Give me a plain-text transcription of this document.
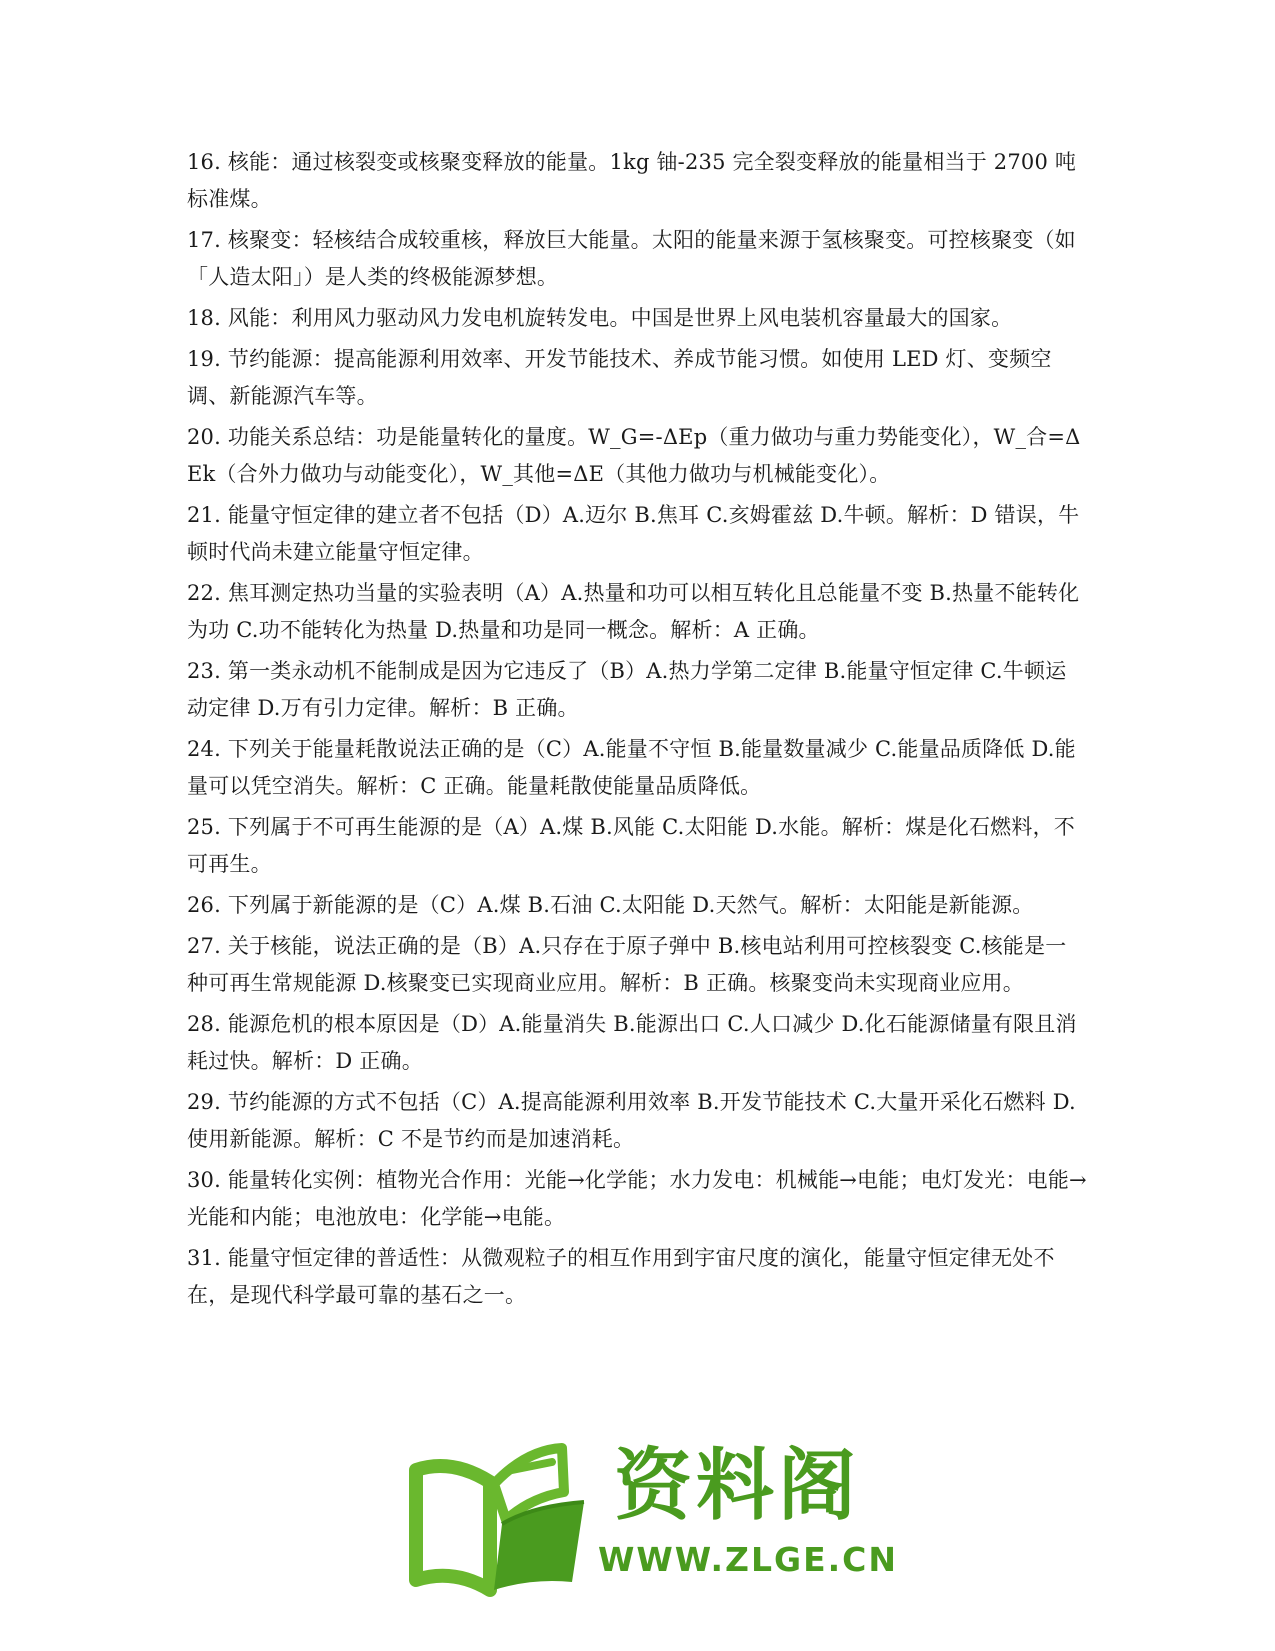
16. 核能：通过核裂变或核聚变释放的能量。1kg 铀-235 完全裂变释放的能量相当于 2700 吨标准煤。

17. 核聚变：轻核结合成较重核，释放巨大能量。太阳的能量来源于氢核聚变。可控核聚变（如「人造太阳」）是人类的终极能源梦想。

18. 风能：利用风力驱动风力发电机旋转发电。中国是世界上风电装机容量最大的国家。

19. 节约能源：提高能源利用效率、开发节能技术、养成节能习惯。如使用 LED 灯、变频空调、新能源汽车等。

20. 功能关系总结：功是能量转化的量度。W_G=-ΔEp（重力做功与重力势能变化），W_合=ΔEk（合外力做功与动能变化），W_其他=ΔE（其他力做功与机械能变化）。

21. 能量守恒定律的建立者不包括（D）A.迈尔 B.焦耳 C.亥姆霍兹 D.牛顿。解析：D 错误，牛顿时代尚未建立能量守恒定律。

22. 焦耳测定热功当量的实验表明（A）A.热量和功可以相互转化且总能量不变 B.热量不能转化为功 C.功不能转化为热量 D.热量和功是同一概念。解析：A 正确。

23. 第一类永动机不能制成是因为它违反了（B）A.热力学第二定律 B.能量守恒定律 C.牛顿运动定律 D.万有引力定律。解析：B 正确。

24. 下列关于能量耗散说法正确的是（C）A.能量不守恒 B.能量数量减少 C.能量品质降低 D.能量可以凭空消失。解析：C 正确。能量耗散使能量品质降低。

25. 下列属于不可再生能源的是（A）A.煤 B.风能 C.太阳能 D.水能。解析：煤是化石燃料，不可再生。

26. 下列属于新能源的是（C）A.煤 B.石油 C.太阳能 D.天然气。解析：太阳能是新能源。

27. 关于核能，说法正确的是（B）A.只存在于原子弹中 B.核电站利用可控核裂变 C.核能是一种可再生常规能源 D.核聚变已实现商业应用。解析：B 正确。核聚变尚未实现商业应用。

28. 能源危机的根本原因是（D）A.能量消失 B.能源出口 C.人口减少 D.化石能源储量有限且消耗过快。解析：D 正确。

29. 节约能源的方式不包括（C）A.提高能源利用效率 B.开发节能技术 C.大量开采化石燃料 D.使用新能源。解析：C 不是节约而是加速消耗。

30. 能量转化实例：植物光合作用：光能→化学能；水力发电：机械能→电能；电灯发光：电能→光能和内能；电池放电：化学能→电能。

31. 能量守恒定律的普适性：从微观粒子的相互作用到宇宙尺度的演化，能量守恒定律无处不在，是现代科学最可靠的基石之一。

资料阁
WWW.ZLGE.CN
